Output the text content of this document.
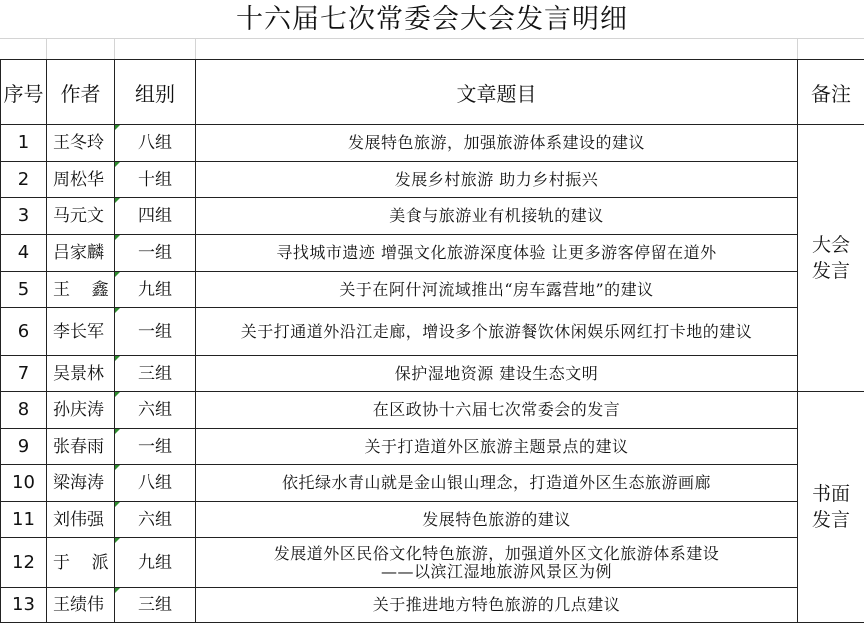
十六届七次常委会大会发言明细
序号	作者	组别	文章题目	备注
1	王冬玲	八组	发展特色旅游，加强旅游体系建设的建议	大会
发言
2	周松华	十组	发展乡村旅游 助力乡村振兴	
3	马元文	四组	美食与旅游业有机接轨的建议	
4	吕家麟	一组	寻找城市遗迹 增强文化旅游深度体验 让更多游客停留在道外	
5	王    鑫	九组	关于在阿什河流域推出“房车露营地”的建议	
6	李长军	一组	关于打通道外沿江走廊，增设多个旅游餐饮休闲娱乐网红打卡地的建议	
7	吴景林	三组	保护湿地资源 建设生态文明	
8	孙庆涛	六组	在区政协十六届七次常委会的发言	书面
发言
9	张春雨	一组	关于打造道外区旅游主题景点的建议	
10	梁海涛	八组	依托绿水青山就是金山银山理念，打造道外区生态旅游画廊	
11	刘伟强	六组	发展特色旅游的建议	
12	于    派	九组	发展道外区民俗文化特色旅游，加强道外区文化旅游体系建设
——以滨江湿地旅游风景区为例	

13	王绩伟	三组	关于推进地方特色旅游的几点建议	
